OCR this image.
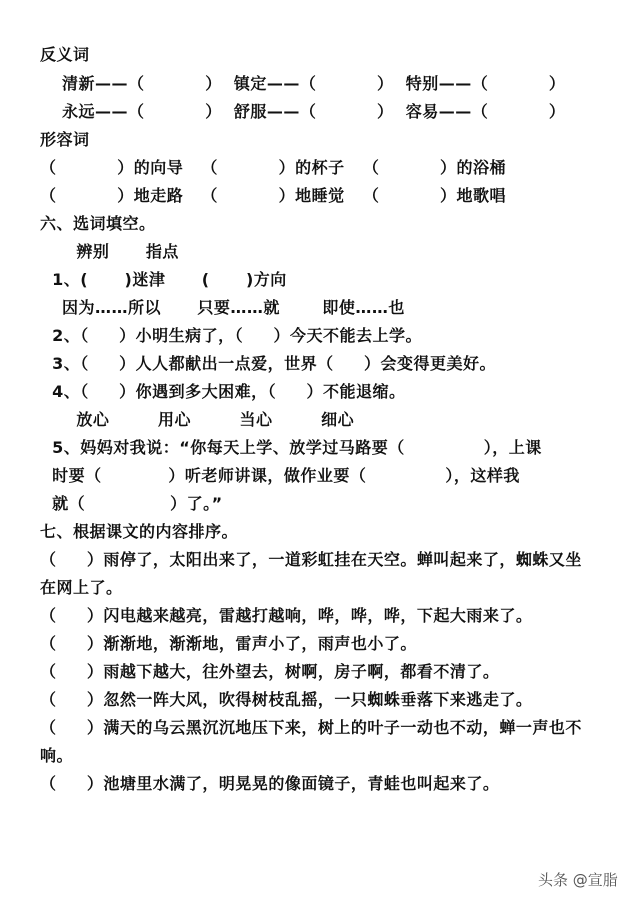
反义词
清新——（          ）  镇定——（          ）  特别——（          ）
永远——（          ）  舒服——（          ）  容易——（          ）
形容词
（          ）的向导   （          ）的杯子   （          ）的浴桶
（          ）地走路   （          ）地睡觉   （          ）地歌唱
六、选词填空。
辨别      指点
1、(      )迷津      (      )方向
因为……所以      只要……就       即使……也
2、（     ）小明生病了，（     ）今天不能去上学。
3、（     ）人人都献出一点爱，世界（     ）会变得更美好。
4、（     ）你遇到多大困难，（     ）不能退缩。
放心        用心        当心        细心
5、妈妈对我说：“你每天上学、放学过马路要（             ），上课
时要（           ）听老师讲课，做作业要（             ），这样我
就（              ）了。”
七、根据课文的内容排序。
（     ）雨停了，太阳出来了，一道彩虹挂在天空。蝉叫起来了，蜘蛛又坐
在网上了。
（     ）闪电越来越亮，雷越打越响，哗，哗，哗，下起大雨来了。
（     ）渐渐地，渐渐地，雷声小了，雨声也小了。
（     ）雨越下越大，往外望去，树啊，房子啊，都看不清了。
（     ）忽然一阵大风，吹得树枝乱摇，一只蜘蛛垂落下来逃走了。
（     ）满天的乌云黑沉沉地压下来，树上的叶子一动也不动，蝉一声也不
响。
（     ）池塘里水满了，明晃晃的像面镜子，青蛙也叫起来了。
头条 @宣脂
